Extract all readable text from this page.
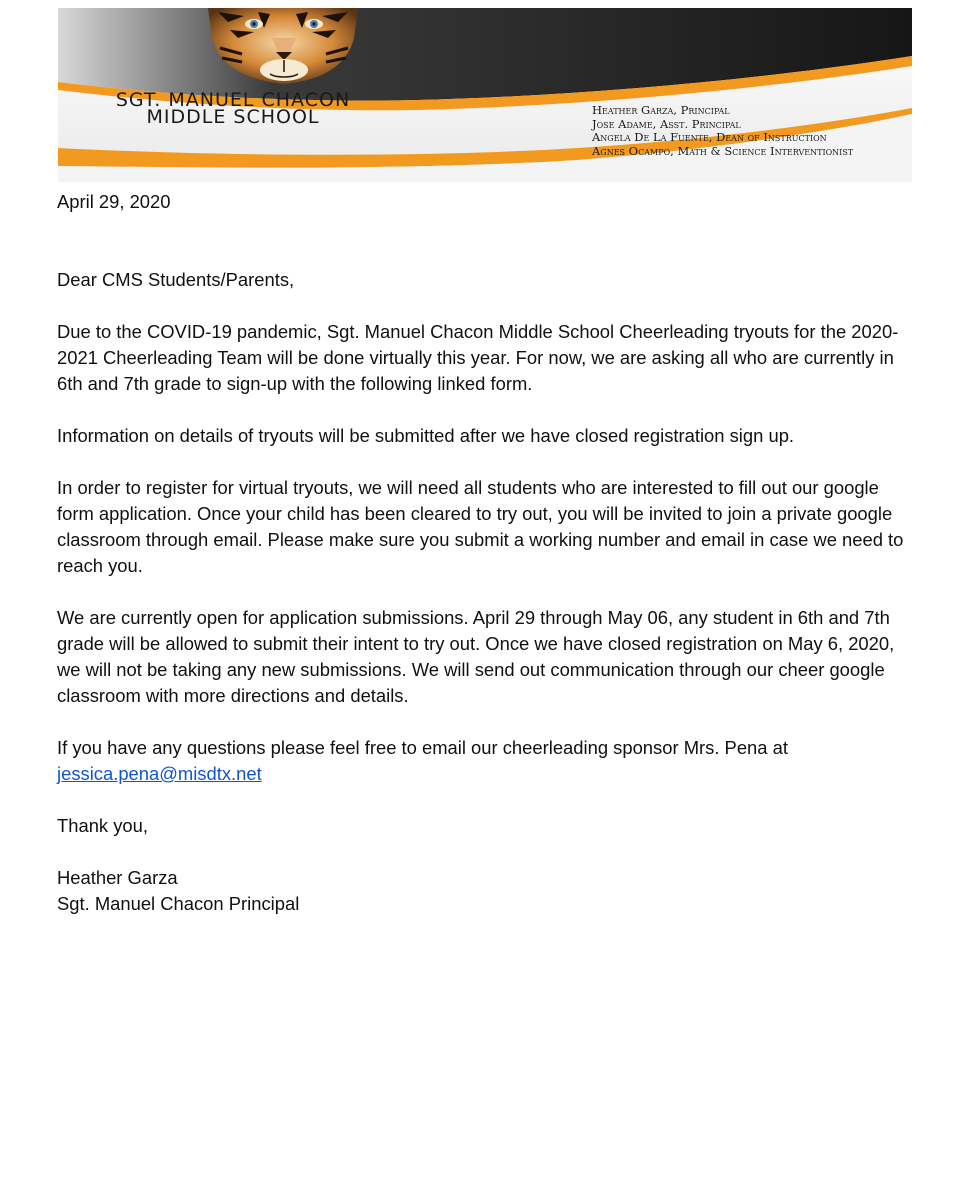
SGT. MANUEL CHACON
MIDDLE SCHOOL	Heather Garza, Principal
Jose Adame, Asst. Principal
Angela De La Fuente, Dean of Instruction
Agnes Ocampo, Math & Science Interventionist

April 29, 2020

Dear CMS Students/Parents,

Due to the COVID-19 pandemic, Sgt. Manuel Chacon Middle School Cheerleading tryouts for the 2020-2021 Cheerleading Team will be done virtually this year. For now, we are asking all who are currently in 6th and 7th grade to sign-up with the following linked form.

Information on details of tryouts will be submitted after we have closed registration sign up.

In order to register for virtual tryouts, we will need all students who are interested to fill out our google form application. Once your child has been cleared to try out, you will be invited to join a private google classroom through email. Please make sure you submit a working number and email in case we need to reach you.

We are currently open for application submissions. April 29 through May 06, any student in 6th and 7th grade will be allowed to submit their intent to try out. Once we have closed registration on May 6, 2020, we will not be taking any new submissions. We will send out communication through our cheer google classroom with more directions and details.

If you have any questions please feel free to email our cheerleading sponsor Mrs. Pena at
jessica.pena@misdtx.net

Thank you,

Heather Garza
Sgt. Manuel Chacon Principal
